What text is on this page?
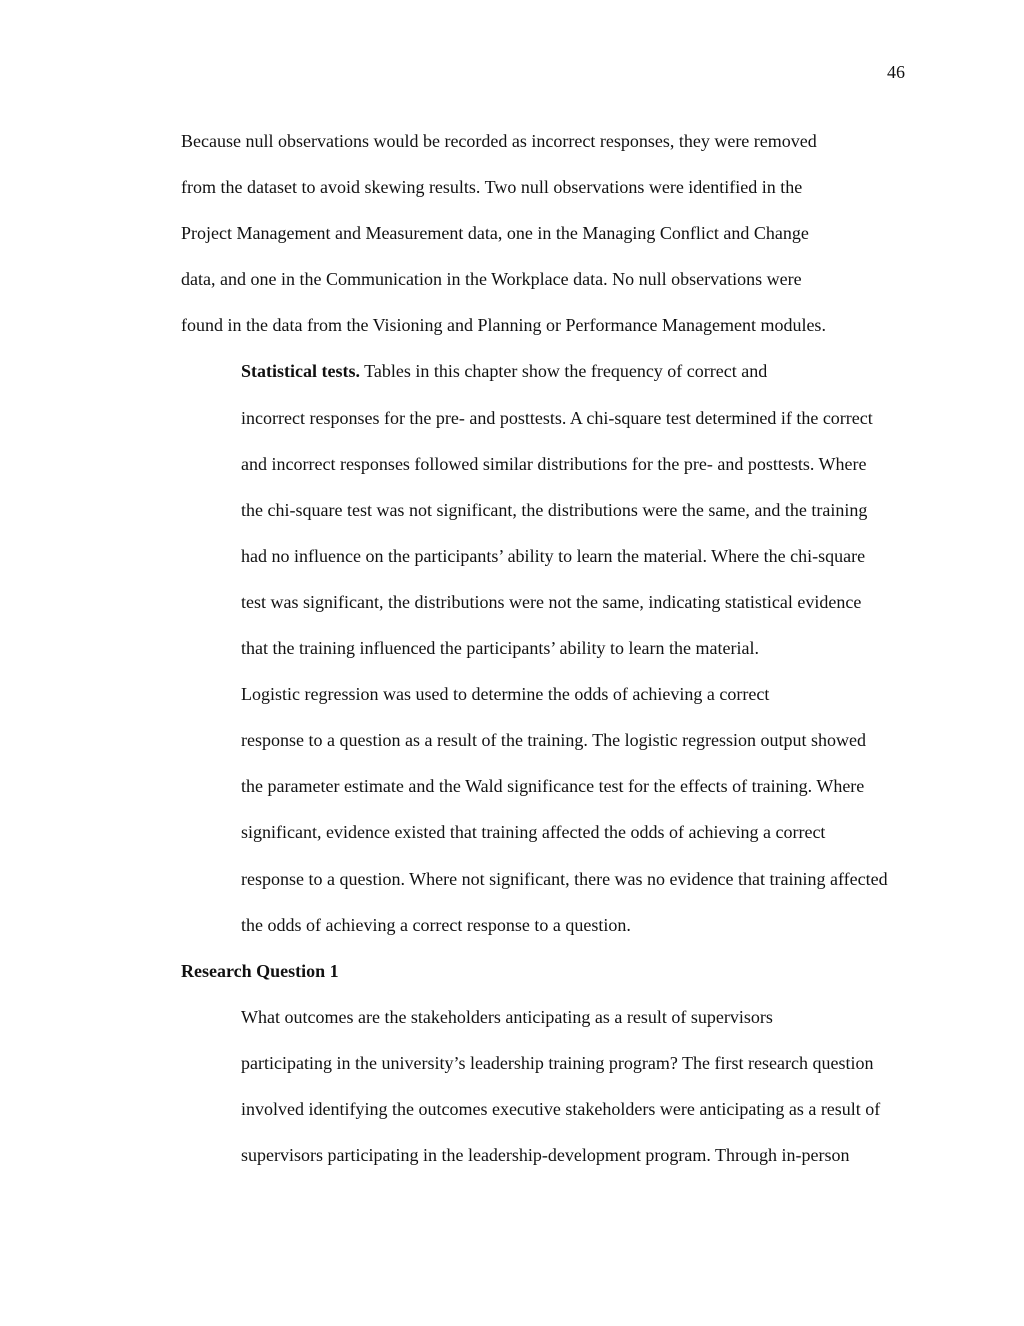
46

Because null observations would be recorded as incorrect responses, they were removed
from the dataset to avoid skewing results. Two null observations were identified in the
Project Management and Measurement data, one in the Managing Conflict and Change
data, and one in the Communication in the Workplace data. No null observations were
found in the data from the Visioning and Planning or Performance Management modules.

Statistical tests. Tables in this chapter show the frequency of correct and
incorrect responses for the pre- and posttests. A chi-square test determined if the correct
and incorrect responses followed similar distributions for the pre- and posttests. Where
the chi-square test was not significant, the distributions were the same, and the training
had no influence on the participants’ ability to learn the material. Where the chi-square
test was significant, the distributions were not the same, indicating statistical evidence
that the training influenced the participants’ ability to learn the material.

Logistic regression was used to determine the odds of achieving a correct
response to a question as a result of the training. The logistic regression output showed
the parameter estimate and the Wald significance test for the effects of training. Where
significant, evidence existed that training affected the odds of achieving a correct
response to a question. Where not significant, there was no evidence that training affected
the odds of achieving a correct response to a question.

Research Question 1

What outcomes are the stakeholders anticipating as a result of supervisors
participating in the university’s leadership training program? The first research question
involved identifying the outcomes executive stakeholders were anticipating as a result of
supervisors participating in the leadership-development program. Through in-person
